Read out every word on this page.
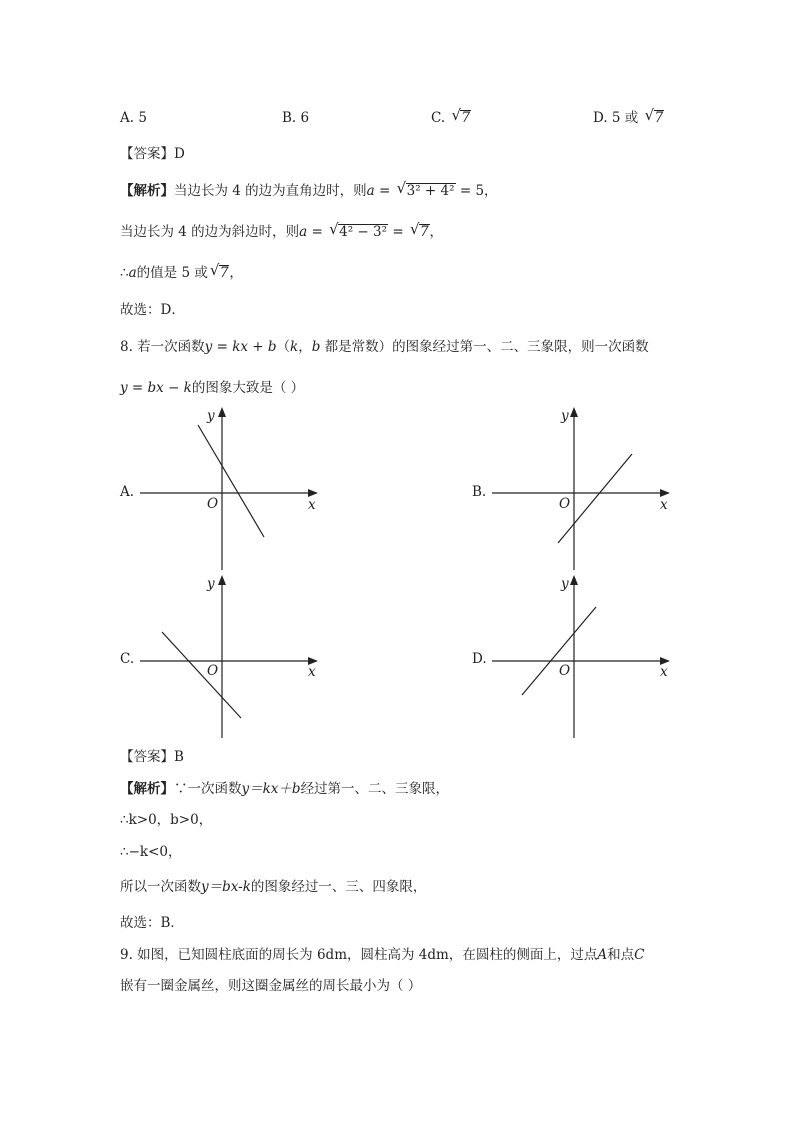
A. 5	B. 6	C. √ 7	D. 5 或 √ 7
【答案】D
【解析】当边长为 4 的边为直角边时，则a = √ 3² + 4² = 5，
当边长为 4 的边为斜边时，则a = √ 4² − 3² = √ 7，
∴a的值是 5 或 √ 7，
故选：D．
8. 若一次函数y = kx + b（k，b 都是常数）的图象经过第一、二、三象限，则一次函数
y = bx − k的图象大致是（ ）
A.
y
x
O
B.
y
x
O
C.
y
x
O
D.
y
x
O
【答案】B
【解析】∵一次函数y＝kx＋b经过第一、二、三象限，
∴k>0，b>0，
∴−k<0，
所以一次函数y＝bx-k的图象经过一、三、四象限，
故选：B．
9. 如图，已知圆柱底面的周长为 6dm，圆柱高为 4dm，在圆柱的侧面上，过点A和点C
嵌有一圈金属丝，则这圈金属丝的周长最小为（ ）
